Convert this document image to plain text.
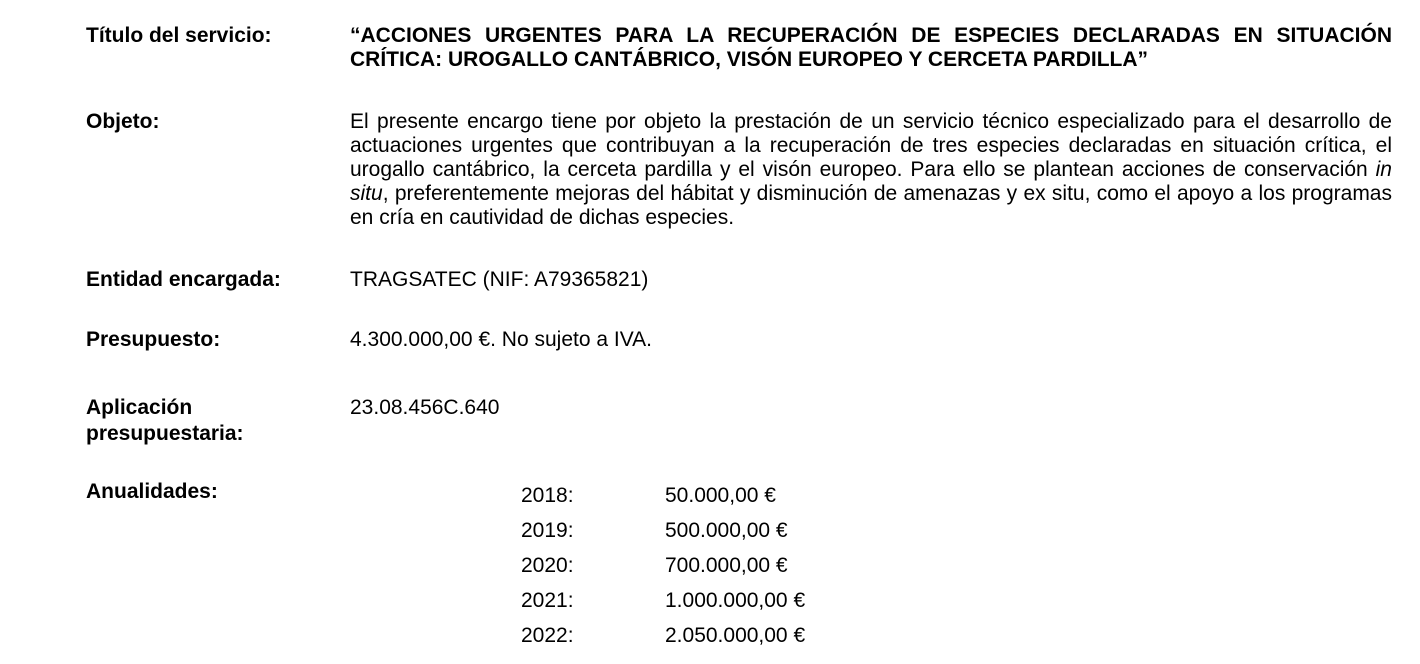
Título del servicio:	“ACCIONES URGENTES PARA LA RECUPERACIÓN DE ESPECIES DECLARADAS EN SITUACIÓN
CRÍTICA: UROGALLO CANTÁBRICO, VISÓN EUROPEO Y CERCETA PARDILLA”
Objeto:	El presente encargo tiene por objeto la prestación de un servicio técnico especializado para el desarrollo de
actuaciones urgentes que contribuyan a la recuperación de tres especies declaradas en situación crítica, el
urogallo cantábrico, la cerceta pardilla y el visón europeo. Para ello se plantean acciones de conservación in
situ, preferentemente mejoras del hábitat y disminución de amenazas y ex situ, como el apoyo a los programas
en cría en cautividad de dichas especies.
Entidad encargada:	TRAGSATEC (NIF: A79365821)
Presupuesto:	4.300.000,00 €. No sujeto a IVA.
Aplicación presupuestaria:
23.08.456C.640
Anualidades:	2018:	50.000,00 €
2019:	500.000,00 €
2020:	700.000,00 €
2021:	1.000.000,00 €
2022:	2.050.000,00 €
